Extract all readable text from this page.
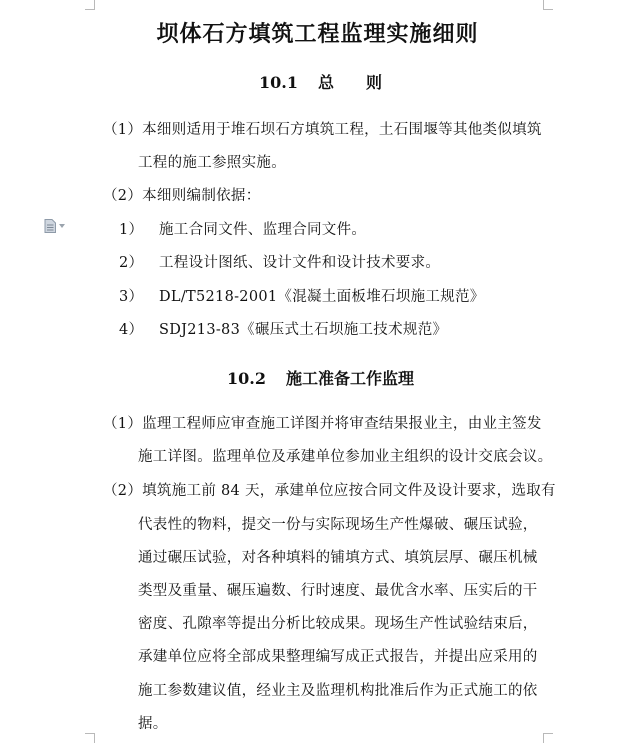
坝体石方填筑工程监理实施细则
10.1 总　　则
（1）本细则适用于堆石坝石方填筑工程，土石围堰等其他类似填筑
工程的施工参照实施。
（2）本细则编制依据：
1） 施工合同文件、监理合同文件。
2） 工程设计图纸、设计文件和设计技术要求。
3） DL/T5218-2001《混凝土面板堆石坝施工规范》
4） SDJ213-83《碾压式土石坝施工技术规范》
10.2 施工准备工作监理
（1）监理工程师应审查施工详图并将审查结果报业主，由业主签发
施工详图。监理单位及承建单位参加业主组织的设计交底会议。
（2）填筑施工前 84 天，承建单位应按合同文件及设计要求，选取有
代表性的物料，提交一份与实际现场生产性爆破、碾压试验，
通过碾压试验，对各种填料的铺填方式、填筑层厚、碾压机械
类型及重量、碾压遍数、行时速度、最优含水率、压实后的干
密度、孔隙率等提出分析比较成果。现场生产性试验结束后，
承建单位应将全部成果整理编写成正式报告，并提出应采用的
施工参数建议值，经业主及监理机构批准后作为正式施工的依
据。
